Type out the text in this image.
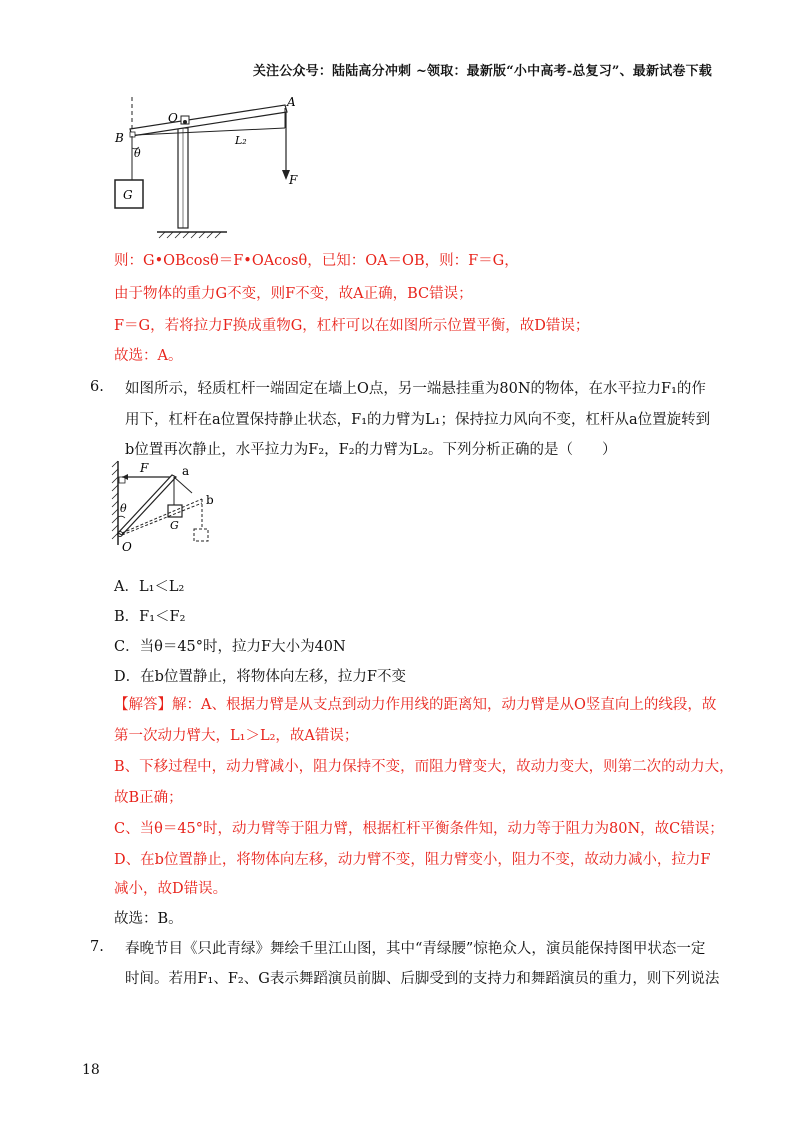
关注公众号：陆陆高分冲刺 ~领取：最新版“小中高考-总复习”、最新试卷下载
A
O
B	L₂
θ
G
F
则：G•OBcosθ＝F•OAcosθ，已知：OA＝OB，则：F＝G，
由于物体的重力G不变，则F不变，故A正确，BC错误；
F＝G，若将拉力F换成重物G，杠杆可以在如图所示位置平衡，故D错误；
故选：A。
6. 如图所示，轻质杠杆一端固定在墙上O点，另一端悬挂重为80N的物体，在水平拉力F₁的作
用下，杠杆在a位置保持静止状态，F₁的力臂为L₁；保持拉力风向不变，杠杆从a位置旋转到
b位置再次静止，水平拉力为F₂，F₂的力臂为L₂。下列分析正确的是（　　）
F	a
b
θ
G
O
A．L₁＜L₂
B．F₁＜F₂
C．当θ＝45°时，拉力F大小为40N
D．在b位置静止，将物体向左移，拉力F不变
【解答】解：A、根据力臂是从支点到动力作用线的距离知，动力臂是从O竖直向上的线段，故
第一次动力臂大，L₁＞L₂，故A错误；
B、下移过程中，动力臂减小，阻力保持不变，而阻力臂变大，故动力变大，则第二次的动力大，
故B正确；
C、当θ＝45°时，动力臂等于阻力臂，根据杠杆平衡条件知，动力等于阻力为80N，故C错误；
D、在b位置静止，将物体向左移，动力臂不变，阻力臂变小，阻力不变，故动力减小，拉力F
减小，故D错误。
故选：B。
7. 春晚节目《只此青绿》舞绘千里江山图，其中“青绿腰”惊艳众人，演员能保持图甲状态一定
时间。若用F₁、F₂、G表示舞蹈演员前脚、后脚受到的支持力和舞蹈演员的重力，则下列说法
18
